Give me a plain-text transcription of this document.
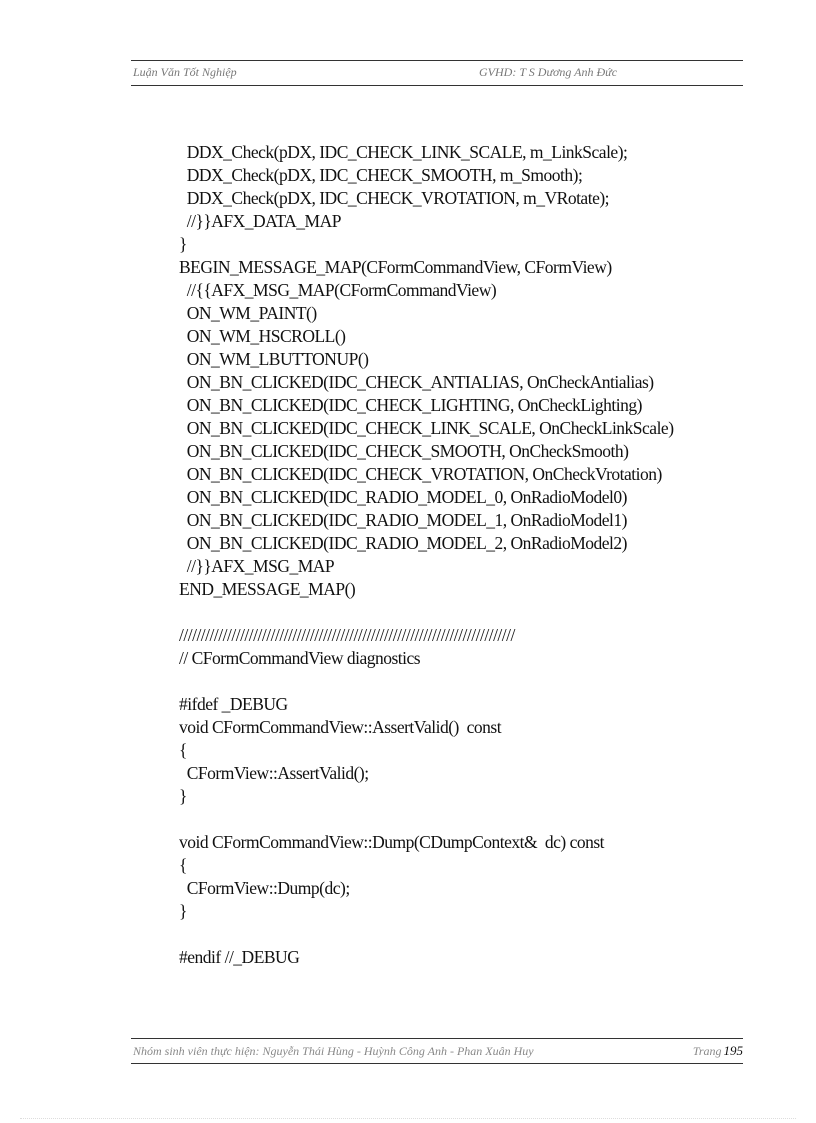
Luận Văn Tốt Nghiệp	GVHD: T S Dương Anh Đức
DDX_Check(pDX, IDC_CHECK_LINK_SCALE, m_LinkScale);
DDX_Check(pDX, IDC_CHECK_SMOOTH, m_Smooth);
DDX_Check(pDX, IDC_CHECK_VROTATION, m_VRotate);
//}}AFX_DATA_MAP
}
BEGIN_MESSAGE_MAP(CFormCommandView, CFormView)
//{{AFX_MSG_MAP(CFormCommandView)
ON_WM_PAINT()
ON_WM_HSCROLL()
ON_WM_LBUTTONUP()
ON_BN_CLICKED(IDC_CHECK_ANTIALIAS, OnCheckAntialias)
ON_BN_CLICKED(IDC_CHECK_LIGHTING, OnCheckLighting)
ON_BN_CLICKED(IDC_CHECK_LINK_SCALE, OnCheckLinkScale)
ON_BN_CLICKED(IDC_CHECK_SMOOTH, OnCheckSmooth)
ON_BN_CLICKED(IDC_CHECK_VROTATION, OnCheckVrotation)
ON_BN_CLICKED(IDC_RADIO_MODEL_0, OnRadioModel0)
ON_BN_CLICKED(IDC_RADIO_MODEL_1, OnRadioModel1)
ON_BN_CLICKED(IDC_RADIO_MODEL_2, OnRadioModel2)
//}}AFX_MSG_MAP
END_MESSAGE_MAP()
/////////////////////////////////////////////////////////////////////////////
// CFormCommandView diagnostics
#ifdef _DEBUG
void CFormCommandView::AssertValid()  const
{
CFormView::AssertValid();
}
void CFormCommandView::Dump(CDumpContext&  dc) const
{
CFormView::Dump(dc);
}
#endif //_DEBUG
Nhóm sinh viên thực hiện: Nguyễn Thái Hùng - Huỳnh Công Anh - Phan Xuân Huy	Trang 195
